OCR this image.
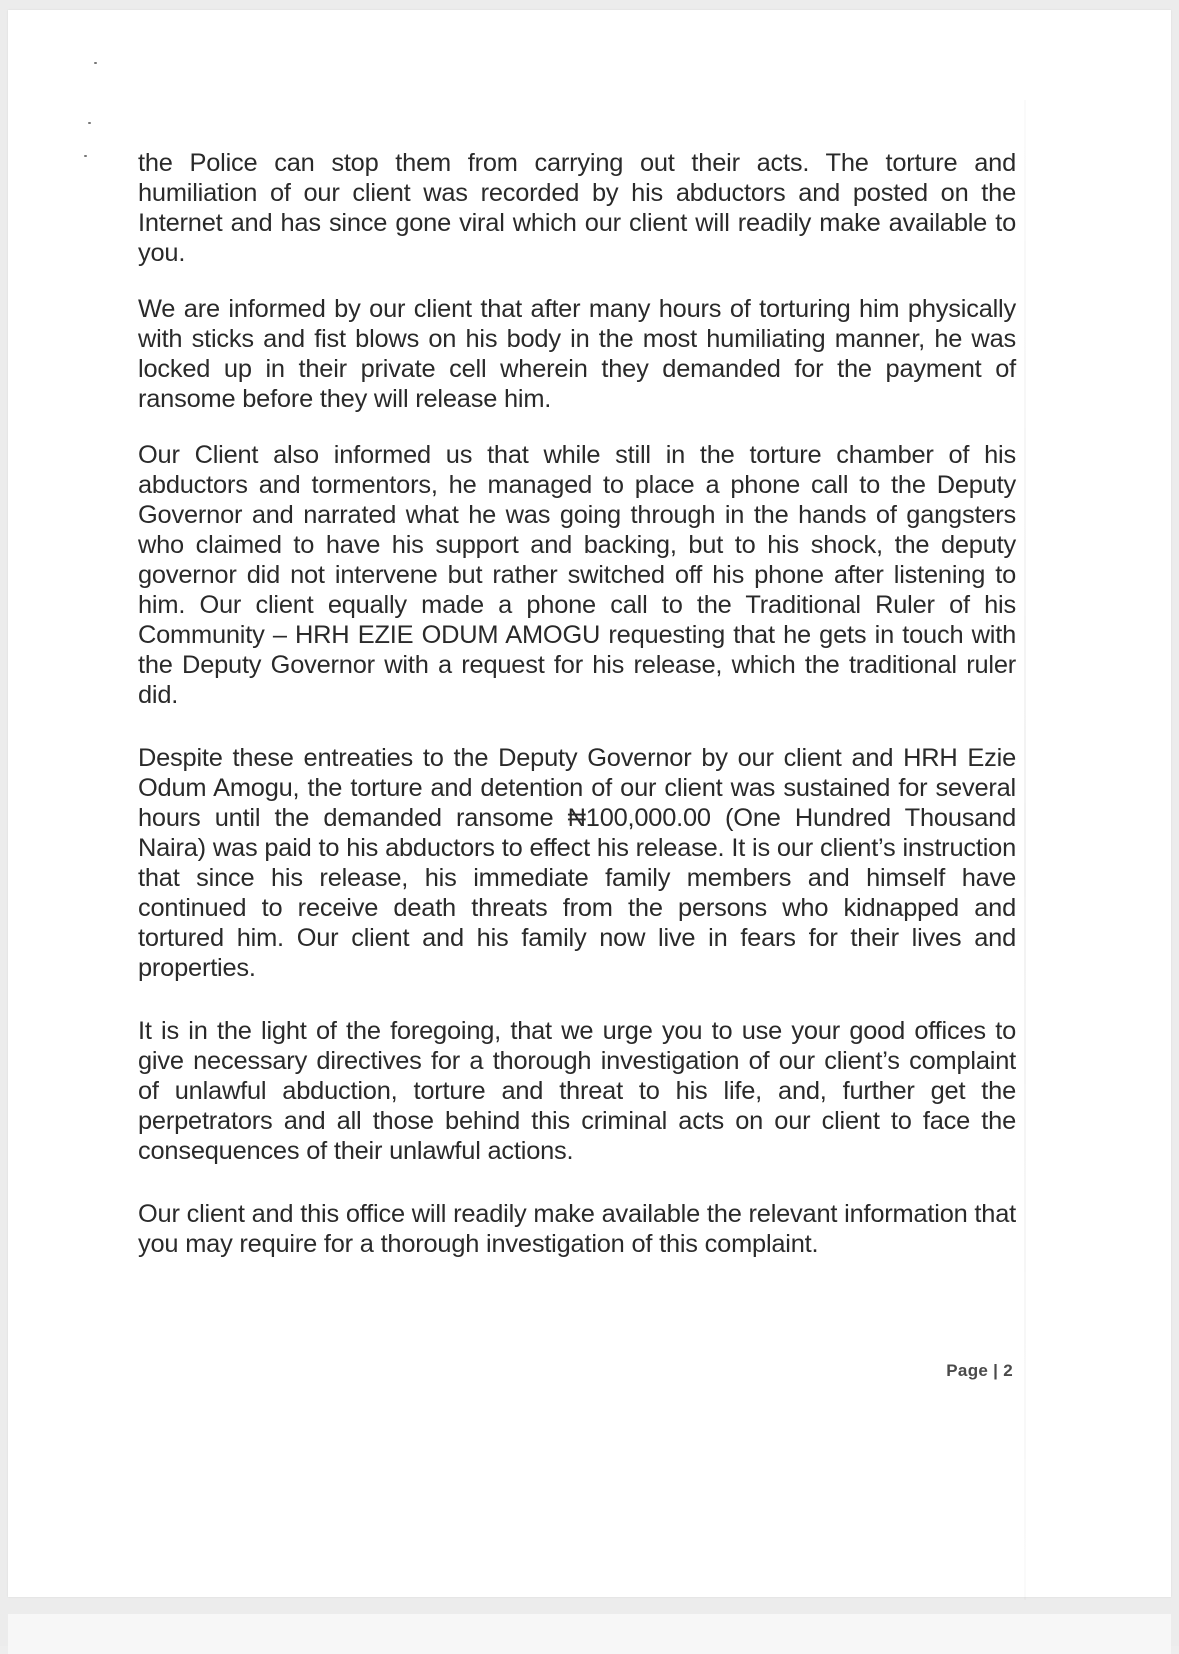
the Police can stop them from carrying out their acts. The torture and humiliation of our client was recorded by his abductors and posted on the Internet and has since gone viral which our client will readily make available to you.

We are informed by our client that after many hours of torturing him physically with sticks and fist blows on his body in the most humiliating manner, he was locked up in their private cell wherein they demanded for the payment of ransome before they will release him.

Our Client also informed us that while still in the torture chamber of his abductors and tormentors, he managed to place a phone call to the Deputy Governor and narrated what he was going through in the hands of gangsters who claimed to have his support and backing, but to his shock, the deputy governor did not intervene but rather switched off his phone after listening to him. Our client equally made a phone call to the Traditional Ruler of his Community – HRH EZIE ODUM AMOGU requesting that he gets in touch with the Deputy Governor with a request for his release, which the traditional ruler did.

Despite these entreaties to the Deputy Governor by our client and HRH Ezie Odum Amogu, the torture and detention of our client was sustained for several hours until the demanded ransome ₦100,000.00 (One Hundred Thousand Naira) was paid to his abductors to effect his release. It is our client’s instruction that since his release, his immediate family members and himself have continued to receive death threats from the persons who kidnapped and tortured him. Our client and his family now live in fears for their lives and properties.

It is in the light of the foregoing, that we urge you to use your good offices to give necessary directives for a thorough investigation of our client’s complaint of unlawful abduction, torture and threat to his life, and, further get the perpetrators and all those behind this criminal acts on our client to face the consequences of their unlawful actions.

Our client and this office will readily make available the relevant information that you may require for a thorough investigation of this complaint.

Page | 2
